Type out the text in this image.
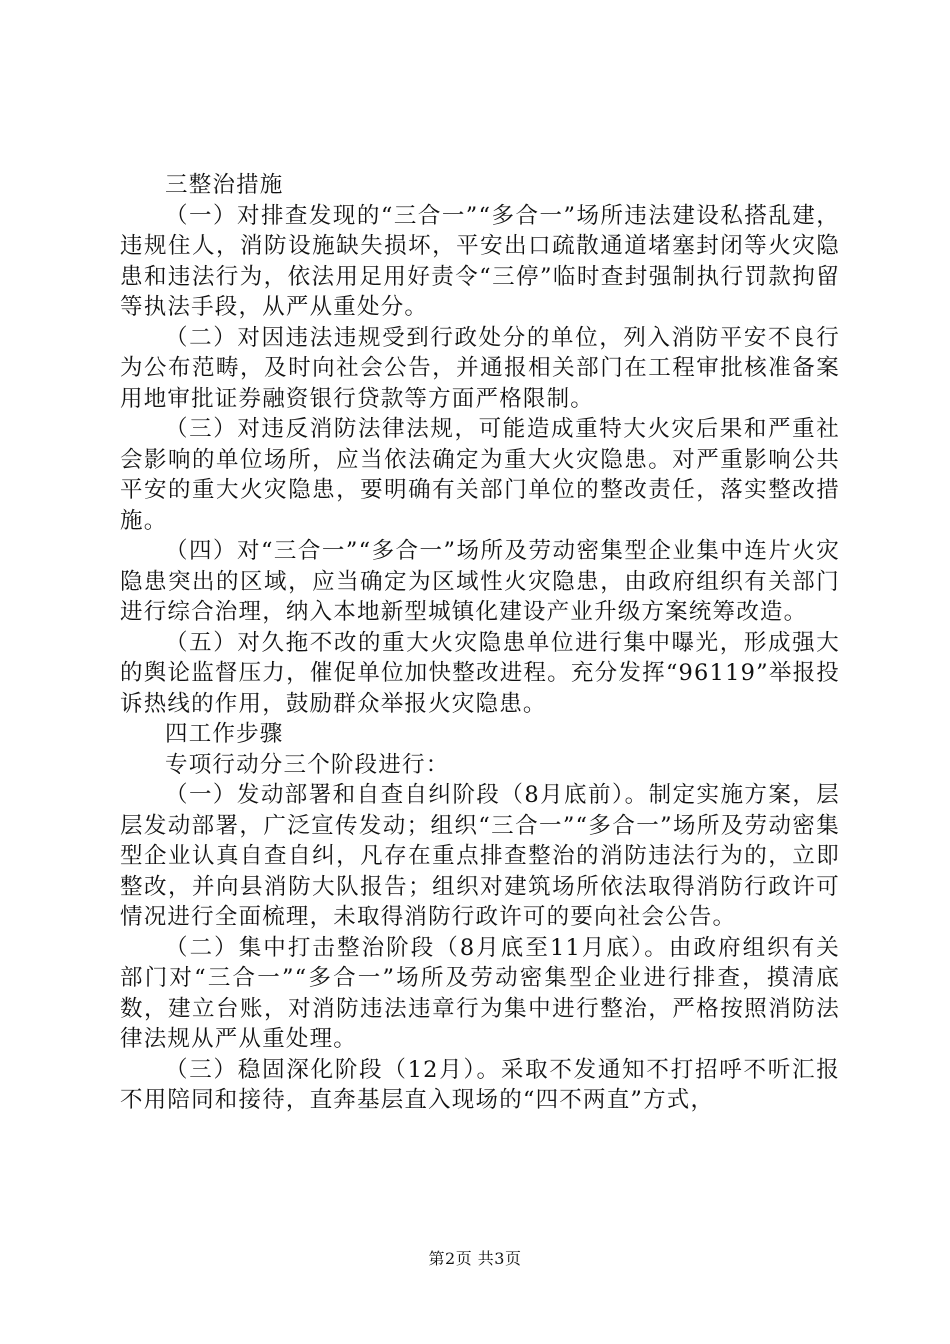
三整治措施

（一）对排查发现的“三合一”“多合一”场所违法建设私搭乱建，违规住人，消防设施缺失损坏，平安出口疏散通道堵塞封闭等火灾隐患和违法行为，依法用足用好责令“三停”临时查封强制执行罚款拘留等执法手段，从严从重处分。

（二）对因违法违规受到行政处分的单位，列入消防平安不良行为公布范畴，及时向社会公告，并通报相关部门在工程审批核准备案用地审批证券融资银行贷款等方面严格限制。

（三）对违反消防法律法规，可能造成重特大火灾后果和严重社会影响的单位场所，应当依法确定为重大火灾隐患。对严重影响公共平安的重大火灾隐患，要明确有关部门单位的整改责任，落实整改措施。

（四）对“三合一”“多合一”场所及劳动密集型企业集中连片火灾隐患突出的区域，应当确定为区域性火灾隐患，由政府组织有关部门进行综合治理，纳入本地新型城镇化建设产业升级方案统筹改造。

（五）对久拖不改的重大火灾隐患单位进行集中曝光，形成强大的舆论监督压力，催促单位加快整改进程。充分发挥“96119”举报投诉热线的作用，鼓励群众举报火灾隐患。

四工作步骤

专项行动分三个阶段进行：

（一）发动部署和自查自纠阶段（8月底前）。制定实施方案，层层发动部署，广泛宣传发动；组织“三合一”“多合一”场所及劳动密集型企业认真自查自纠，凡存在重点排查整治的消防违法行为的，立即整改，并向县消防大队报告；组织对建筑场所依法取得消防行政许可情况进行全面梳理，未取得消防行政许可的要向社会公告。

（二）集中打击整治阶段（8月底至11月底）。由政府组织有关部门对“三合一”“多合一”场所及劳动密集型企业进行排查，摸清底数，建立台账，对消防违法违章行为集中进行整治，严格按照消防法律法规从严从重处理。

（三）稳固深化阶段（12月）。采取不发通知不打招呼不听汇报不用陪同和接待，直奔基层直入现场的“四不两直”方式，

第2页 共3页
